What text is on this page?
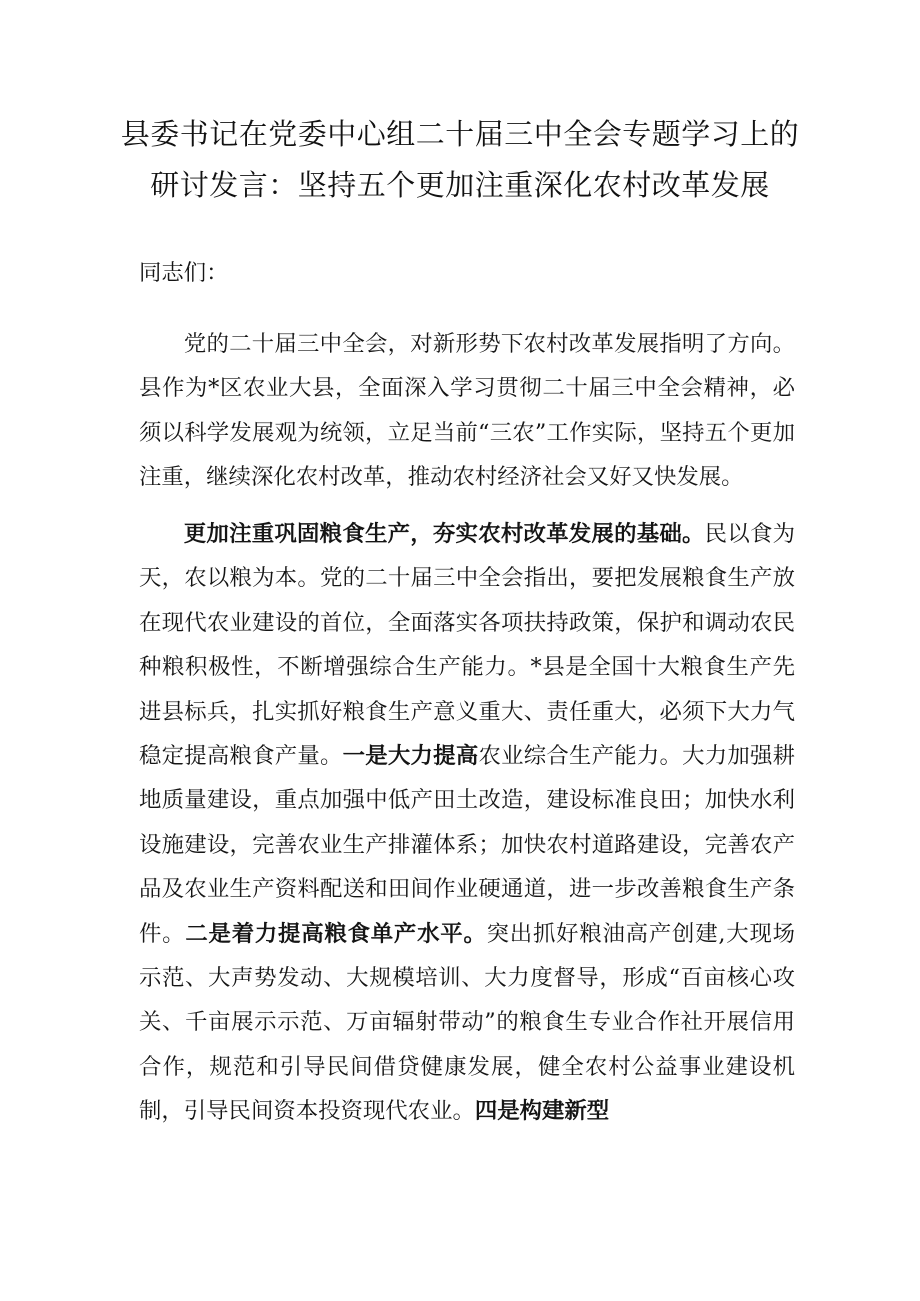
县委书记在党委中心组二十届三中全会专题学习上的
研讨发言：坚持五个更加注重深化农村改革发展
同志们：
党的二十届三中全会，对新形势下农村改革发展指明了方向。县作为*区农业大县，全面深入学习贯彻二十届三中全会精神，必须以科学发展观为统领，立足当前“三农”工作实际，坚持五个更加注重，继续深化农村改革，推动农村经济社会又好又快发展。
更加注重巩固粮食生产，夯实农村改革发展的基础。民以食为天，农以粮为本。党的二十届三中全会指出，要把发展粮食生产放在现代农业建设的首位，全面落实各项扶持政策，保护和调动农民种粮积极性，不断增强综合生产能力。*县是全国十大粮食生产先进县标兵，扎实抓好粮食生产意义重大、责任重大，必须下大力气稳定提高粮食产量。一是大力提高农业综合生产能力。大力加强耕地质量建设，重点加强中低产田土改造，建设标准良田；加快水利设施建设，完善农业生产排灌体系；加快农村道路建设，完善农产品及农业生产资料配送和田间作业硬通道，进一步改善粮食生产条件。二是着力提高粮食单产水平。突出抓好粮油高产创建,大现场示范、大声势发动、大规模培训、大力度督导，形成“百亩核心攻关、千亩展示示范、万亩辐射带动”的粮食生专业合作社开展信用合作，规范和引导民间借贷健康发展，健全农村公益事业建设机制，引导民间资本投资现代农业。四是构建新型
